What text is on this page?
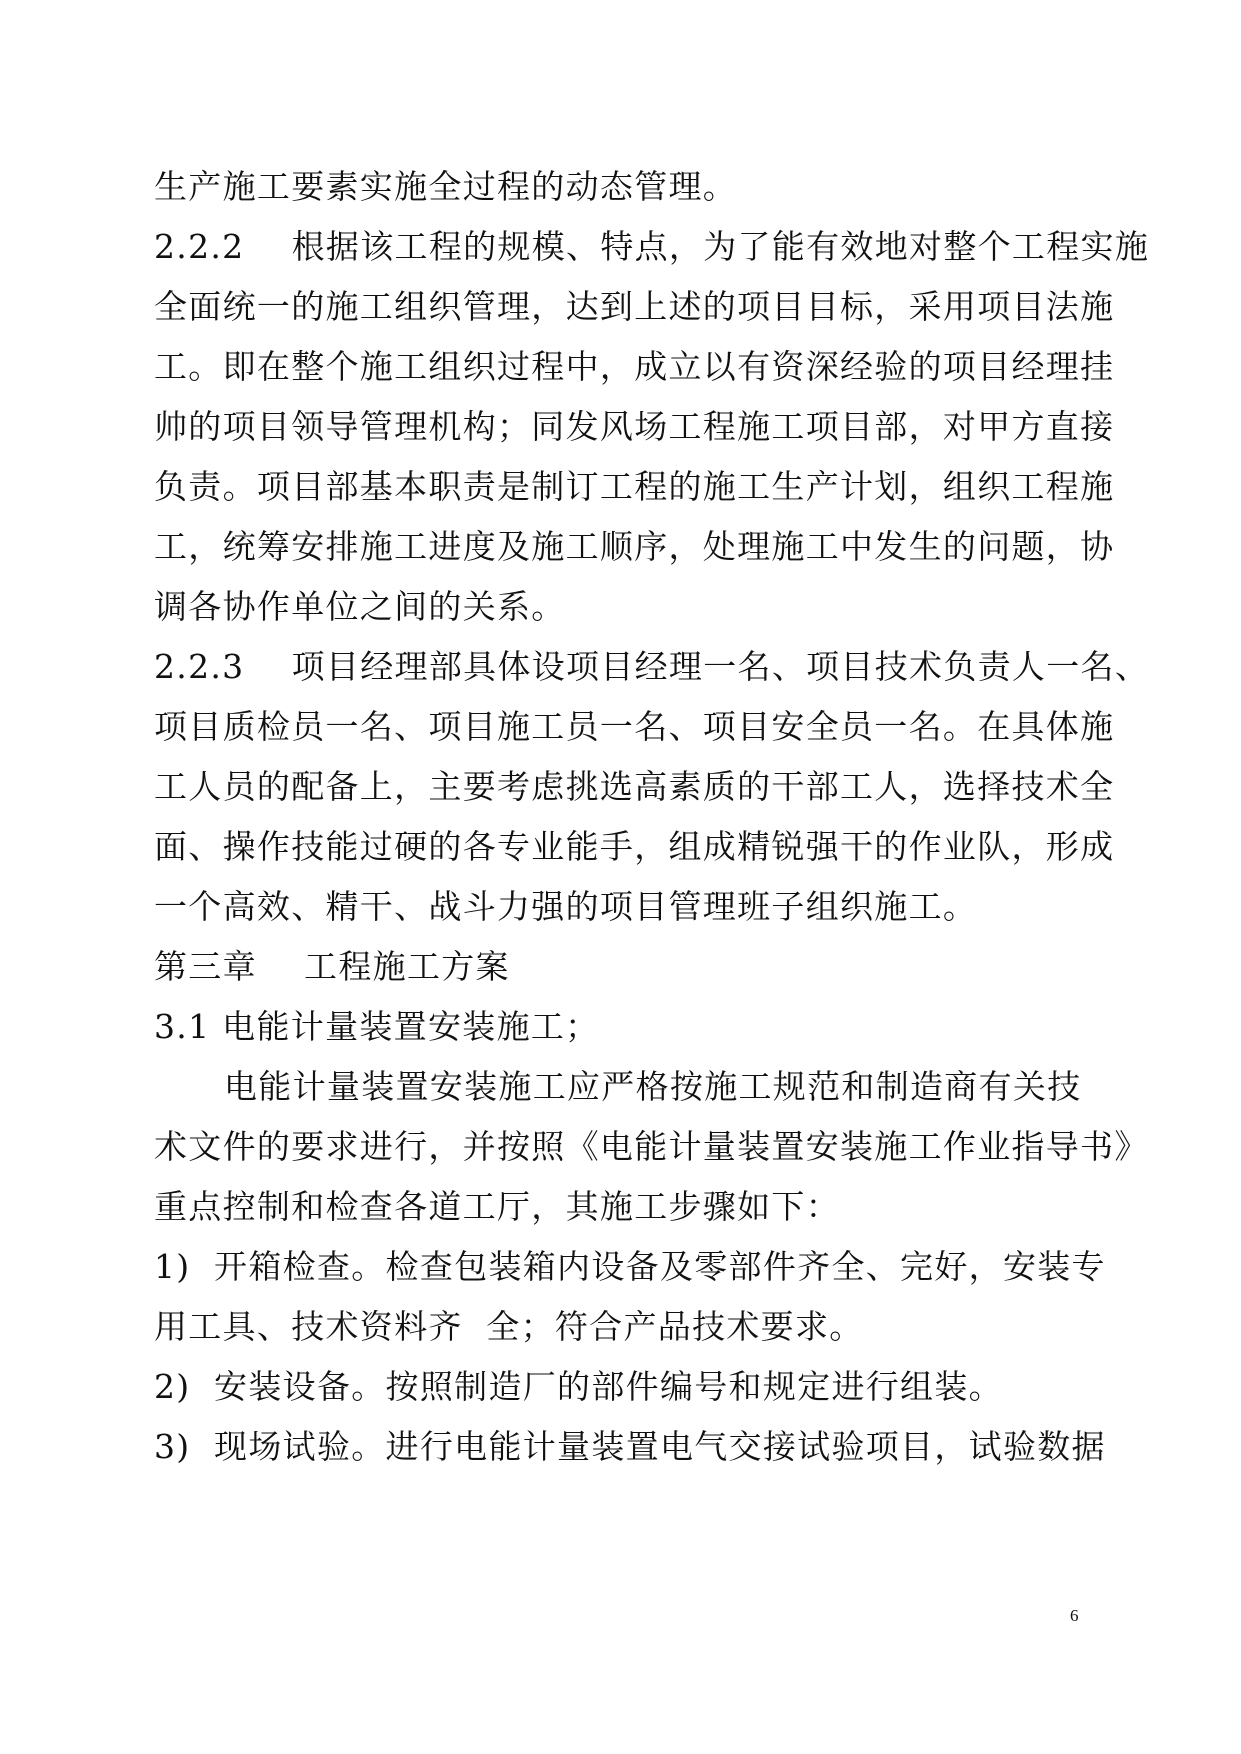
生产施工要素实施全过程的动态管理。
2.2.2    根据该工程的规模、特点，为了能有效地对整个工程实施
全面统一的施工组织管理，达到上述的项目目标，采用项目法施
工。即在整个施工组织过程中，成立以有资深经验的项目经理挂
帅的项目领导管理机构；同发风场工程施工项目部，对甲方直接
负责。项目部基本职责是制订工程的施工生产计划，组织工程施
工，统筹安排施工进度及施工顺序，处理施工中发生的问题，协
调各协作单位之间的关系。
2.2.3    项目经理部具体设项目经理一名、项目技术负责人一名、
项目质检员一名、项目施工员一名、项目安全员一名。在具体施
工人员的配备上，主要考虑挑选高素质的干部工人，选择技术全
面、操作技能过硬的各专业能手，组成精锐强干的作业队，形成
一个高效、精干、战斗力强的项目管理班子组织施工。
第三章    工程施工方案
3.1 电能计量装置安装施工；
电能计量装置安装施工应严格按施工规范和制造商有关技
术文件的要求进行，并按照《电能计量装置安装施工作业指导书》
重点控制和检查各道工厅，其施工步骤如下：
1)  开箱检查。检查包装箱内设备及零部件齐全、完好，安装专
用工具、技术资料齐  全；符合产品技术要求。
2)  安装设备。按照制造厂的部件编号和规定进行组装。
3)  现场试验。进行电能计量装置电气交接试验项目，试验数据
6
